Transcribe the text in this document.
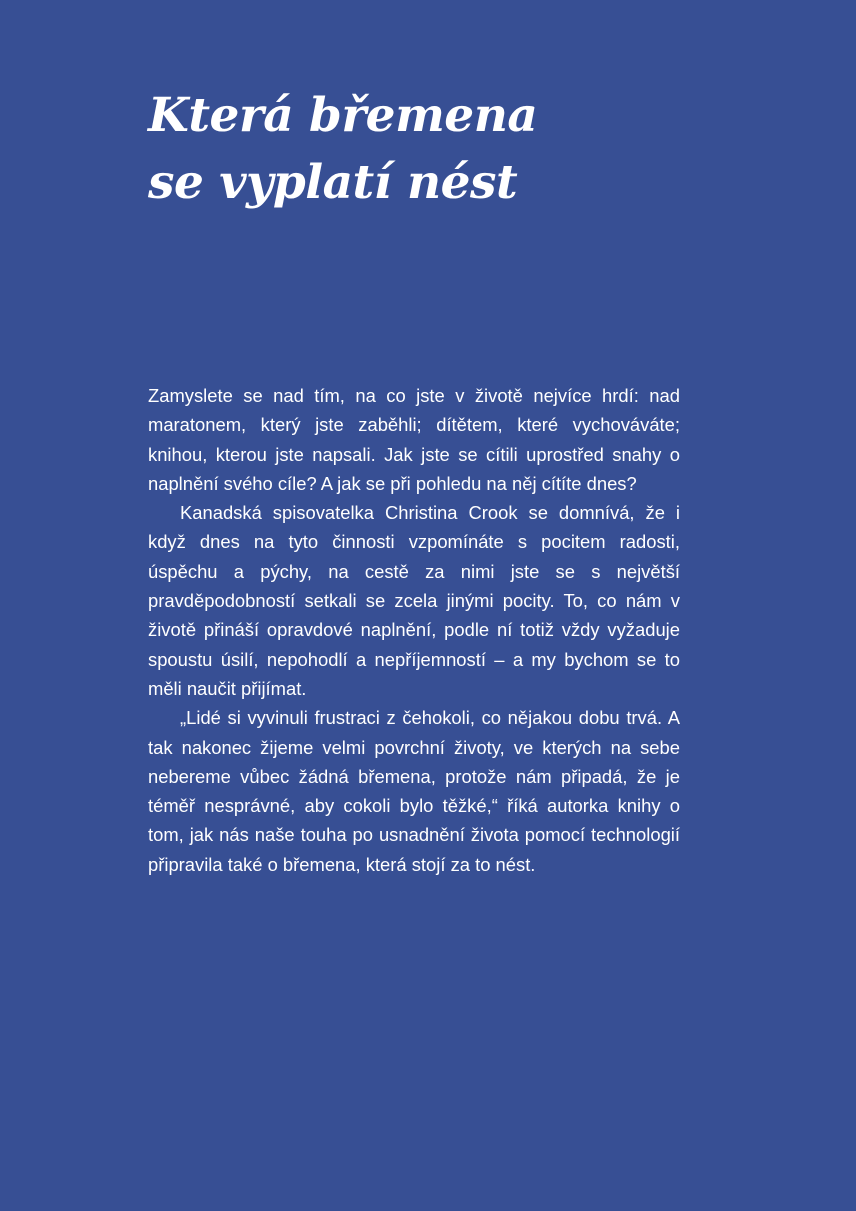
Která břemena
se vyplatí nést

Zamyslete se nad tím, na co jste v životě nejvíce hrdí: nad maratonem, který jste zaběhli; dítětem, které vychováváte; knihou, kterou jste napsali. Jak jste se cítili uprostřed snahy o naplnění svého cíle? A jak se při pohledu na něj cítíte dnes?

Kanadská spisovatelka Christina Crook se domnívá, že i když dnes na tyto činnosti vzpomínáte s pocitem radosti, úspěchu a pýchy, na cestě za nimi jste se s největší pravděpodobností setkali se zcela jinými pocity. To, co nám v životě přináší opravdové naplnění, podle ní totiž vždy vyžaduje spoustu úsilí, nepohodlí a nepříjemností – a my bychom se to měli naučit přijímat.

„Lidé si vyvinuli frustraci z čehokoli, co nějakou dobu trvá. A tak nakonec žijeme velmi povrchní životy, ve kterých na sebe nebereme vůbec žádná břemena, protože nám připadá, že je téměř nesprávné, aby cokoli bylo těžké,“ říká autorka knihy o tom, jak nás naše touha po usnadnění života pomocí technologií připravila také o břemena, která stojí za to nést.
